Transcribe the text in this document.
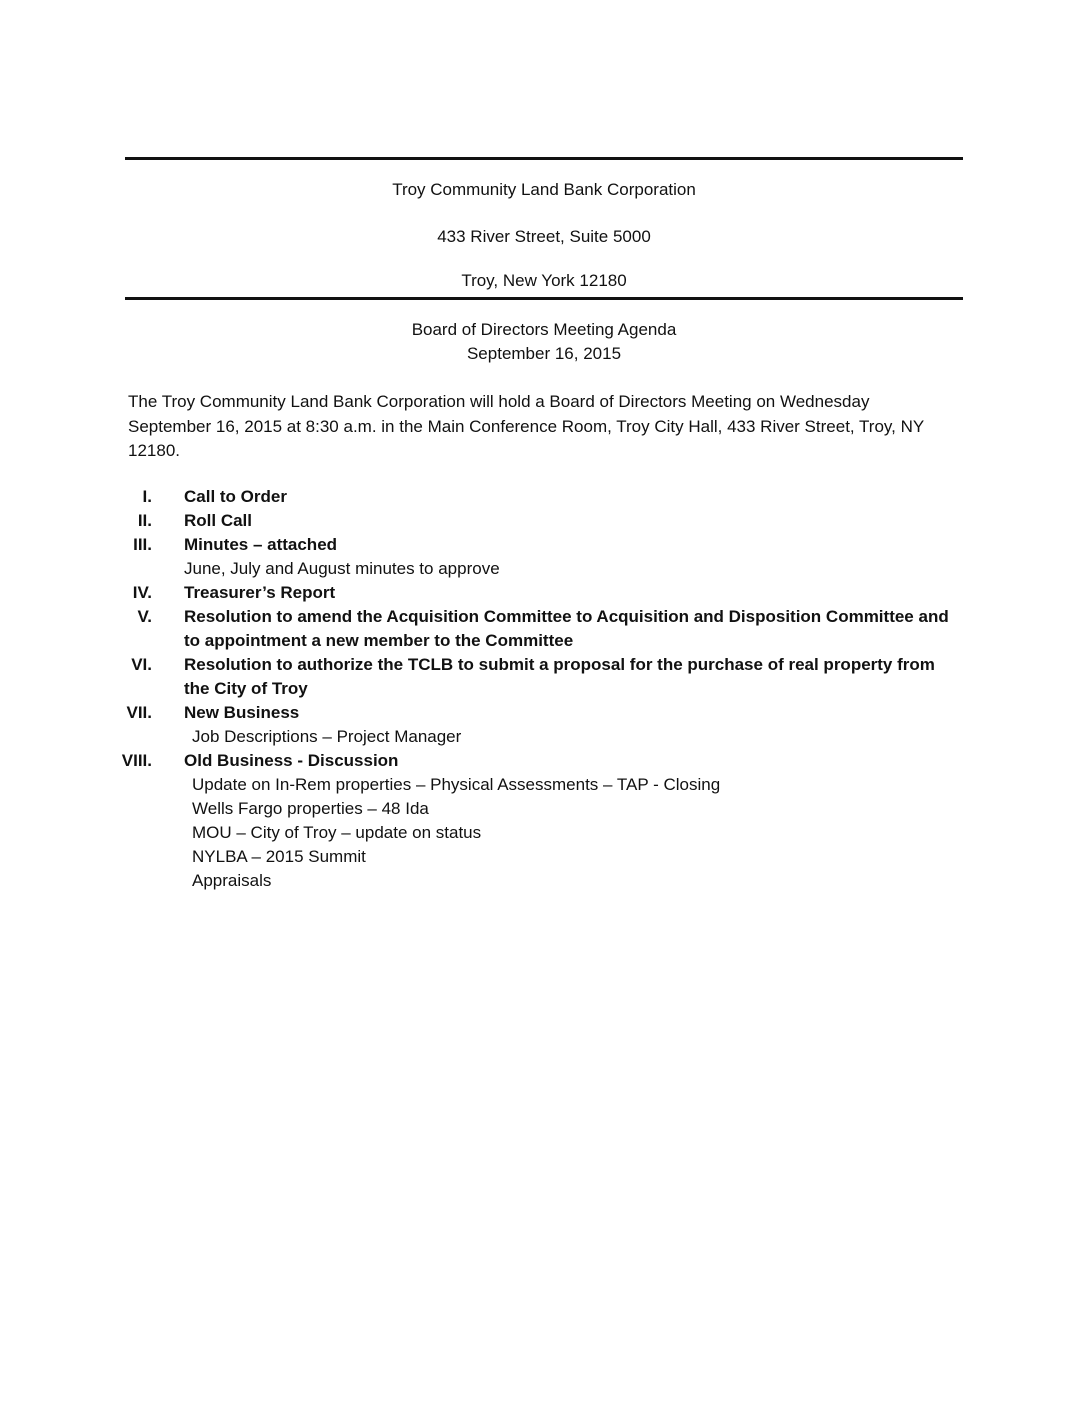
Troy Community Land Bank Corporation
433 River Street, Suite 5000
Troy, New York 12180
Board of Directors Meeting Agenda
September 16, 2015
The Troy Community Land Bank Corporation will hold a Board of Directors Meeting on Wednesday
September 16, 2015 at 8:30 a.m. in the Main Conference Room, Troy City Hall, 433 River Street, Troy, NY
12180.
I. Call to Order
II. Roll Call
III. Minutes – attached
June, July and August minutes to approve
IV. Treasurer’s Report
V. Resolution to amend the Acquisition Committee to Acquisition and Disposition Committee and
to appointment a new member to the Committee
VI. Resolution to authorize the TCLB to submit a proposal for the purchase of real property from
the City of Troy
VII. New Business
Job Descriptions – Project Manager
VIII. Old Business - Discussion
Update on In-Rem properties – Physical Assessments – TAP - Closing
Wells Fargo properties – 48 Ida
MOU – City of Troy – update on status
NYLBA – 2015 Summit
Appraisals
